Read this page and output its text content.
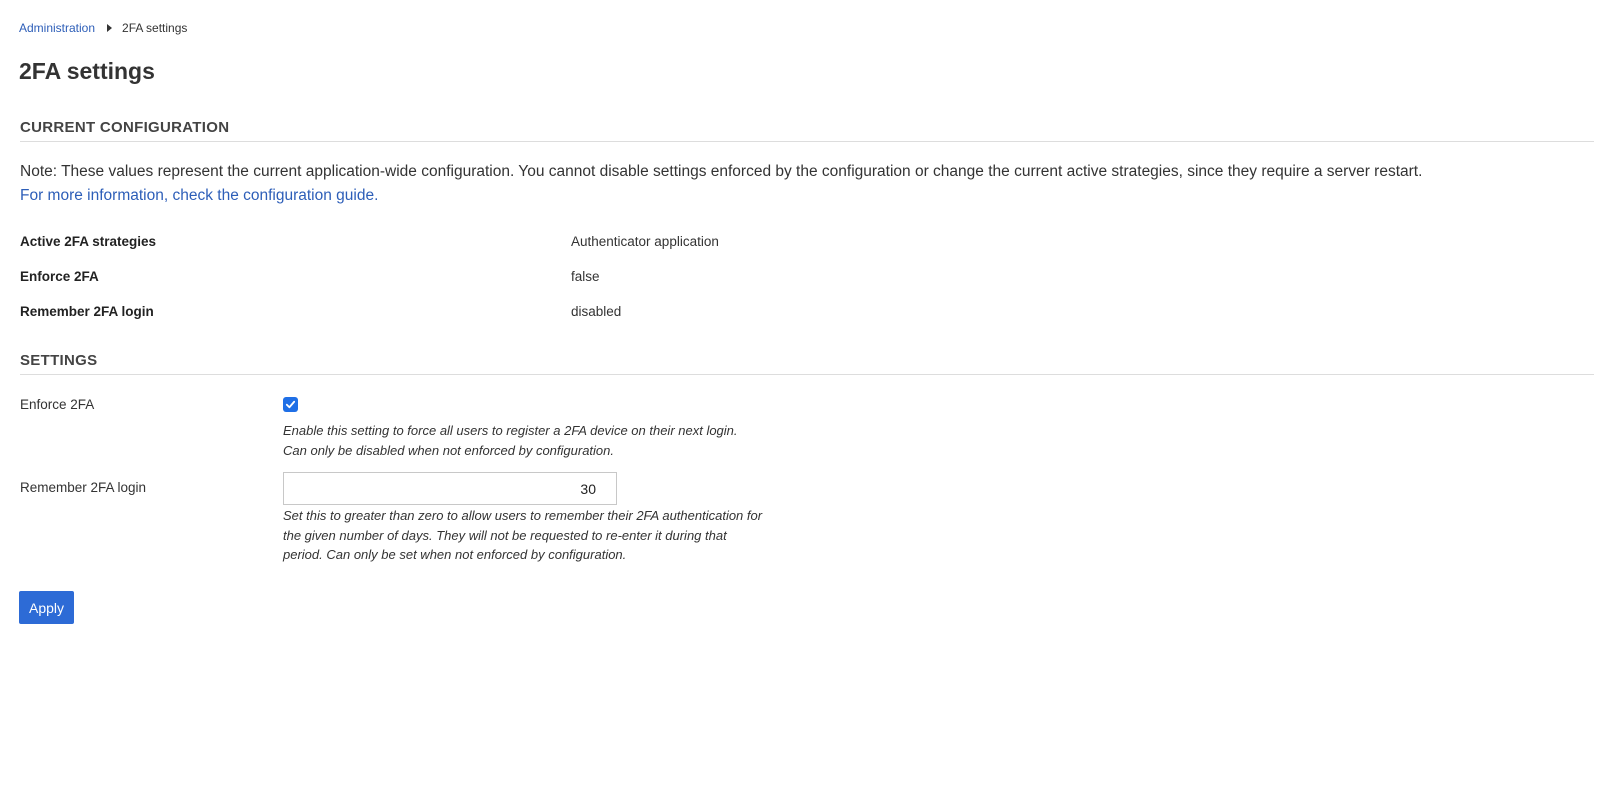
Administration 2FA settings
2FA settings
CURRENT CONFIGURATION
Note: These values represent the current application-wide configuration. You cannot disable settings enforced by the configuration or change the current active strategies, since they require a server restart.
For more information, check the configuration guide.
Active 2FA strategies	Authenticator application
Enforce 2FA	false
Remember 2FA login	disabled
SETTINGS
Enforce 2FA
Enable this setting to force all users to register a 2FA device on their next login. Can only be disabled when not enforced by configuration.
Remember 2FA login
30
Set this to greater than zero to allow users to remember their 2FA authentication for the given number of days. They will not be requested to re-enter it during that period. Can only be set when not enforced by configuration.
Apply
